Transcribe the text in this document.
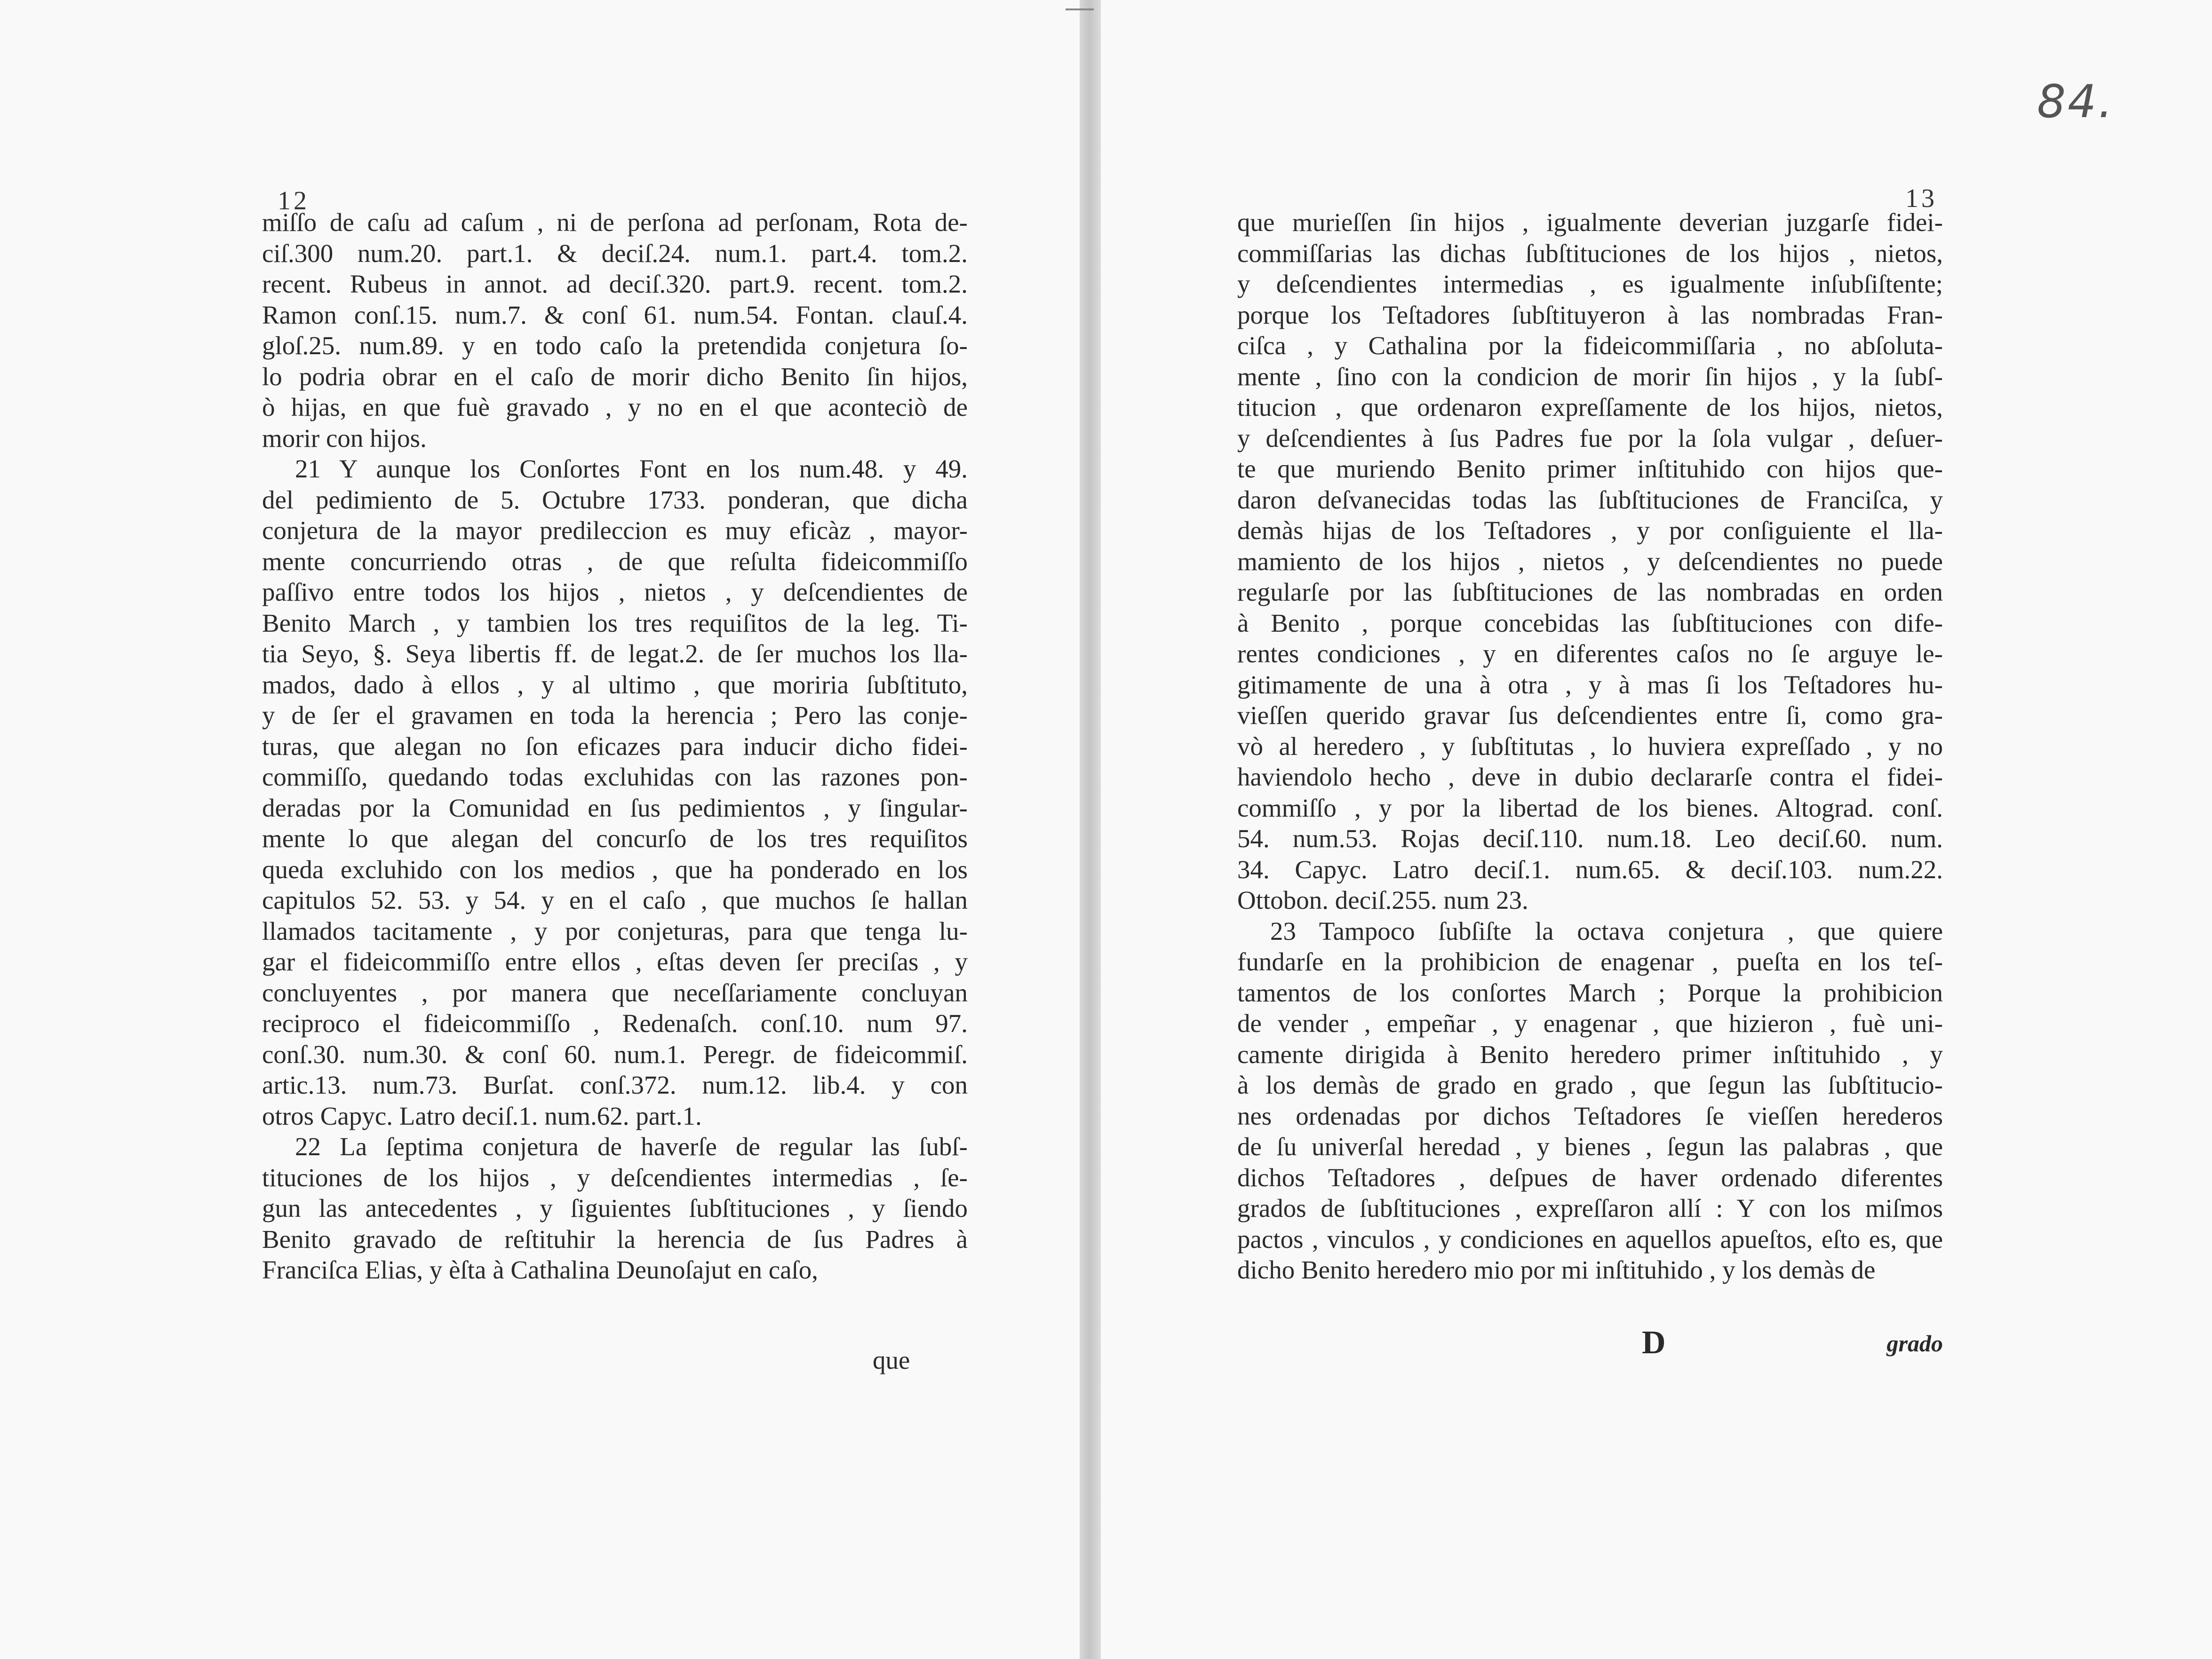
12
miſſo de caſu ad caſum , ni de perſona ad perſonam, Rota de-
ciſ.300 num.20. part.1. & deciſ.24. num.1. part.4. tom.2.
recent. Rubeus in annot. ad deciſ.320. part.9. recent. tom.2.
Ramon conſ.15. num.7. & conſ 61. num.54. Fontan. clauſ.4.
gloſ.25. num.89. y en todo caſo la pretendida conjetura ſo-
lo podria obrar en el caſo de morir dicho Benito ſin hijos,
ò hijas, en que fuè gravado , y no en el que aconteciò de
morir con hijos.
21 Y aunque los Conſortes Font en los num.48. y 49.
del pedimiento de 5. Octubre 1733. ponderan, que dicha
conjetura de la mayor predileccion es muy eficàz , mayor-
mente concurriendo otras , de que reſulta fideicommiſſo
paſſivo entre todos los hijos , nietos , y deſcendientes de
Benito March , y tambien los tres requiſitos de la leg. Ti-
tia Seyo, §. Seya libertis ff. de legat.2. de ſer muchos los lla-
mados, dado à ellos , y al ultimo , que moriria ſubſtituto,
y de ſer el gravamen en toda la herencia ; Pero las conje-
turas, que alegan no ſon eficazes para inducir dicho fidei-
commiſſo, quedando todas excluhidas con las razones pon-
deradas por la Comunidad en ſus pedimientos , y ſingular-
mente lo que alegan del concurſo de los tres requiſitos
queda excluhido con los medios , que ha ponderado en los
capitulos 52. 53. y 54. y en el caſo , que muchos ſe hallan
llamados tacitamente , y por conjeturas, para que tenga lu-
gar el fideicommiſſo entre ellos , eſtas deven ſer preciſas , y
concluyentes , por manera que neceſſariamente concluyan
reciproco el fideicommiſſo , Redenaſch. conſ.10. num 97.
conſ.30. num.30. & conſ 60. num.1. Peregr. de fideicommiſ.
artic.13. num.73. Burſat. conſ.372. num.12. lib.4. y con
otros Capyc. Latro deciſ.1. num.62. part.1.
22 La ſeptima conjetura de haverſe de regular las ſubſ-
tituciones de los hijos , y deſcendientes intermedias , ſe-
gun las antecedentes , y ſiguientes ſubſtituciones , y ſiendo
Benito gravado de reſtituhir la herencia de ſus Padres à
Franciſca Elias, y èſta à Cathalina Deunoſajut en caſo,
que
84.
13
que murieſſen ſin hijos , igualmente deverian juzgarſe fidei-
commiſſarias las dichas ſubſtituciones de los hijos , nietos,
y deſcendientes intermedias , es igualmente inſubſiſtente;
porque los Teſtadores ſubſtituyeron à las nombradas Fran-
ciſca , y Cathalina por la fideicommiſſaria , no abſoluta-
mente , ſino con la condicion de morir ſin hijos , y la ſubſ-
titucion , que ordenaron expreſſamente de los hijos, nietos,
y deſcendientes à ſus Padres fue por la ſola vulgar , deſuer-
te que muriendo Benito primer inſtituhido con hijos que-
daron deſvanecidas todas las ſubſtituciones de Franciſca, y
demàs hijas de los Teſtadores , y por conſiguiente el lla-
mamiento de los hijos , nietos , y deſcendientes no puede
regularſe por las ſubſtituciones de las nombradas en orden
à Benito , porque concebidas las ſubſtituciones con dife-
rentes condiciones , y en diferentes caſos no ſe arguye le-
gitimamente de una à otra , y à mas ſi los Teſtadores hu-
vieſſen querido gravar ſus deſcendientes entre ſi, como gra-
vò al heredero , y ſubſtitutas , lo huviera expreſſado , y no
haviendolo hecho , deve in dubio declararſe contra el fidei-
commiſſo , y por la libertad de los bienes. Altograd. conſ.
54. num.53. Rojas deciſ.110. num.18. Leo deciſ.60. num.
34. Capyc. Latro deciſ.1. num.65. & deciſ.103. num.22.
Ottobon. deciſ.255. num 23.
23 Tampoco ſubſiſte la octava conjetura , que quiere
fundarſe en la prohibicion de enagenar , pueſta en los teſ-
tamentos de los conſortes March ; Porque la prohibicion
de vender , empeñar , y enagenar , que hizieron , fuè uni-
camente dirigida à Benito heredero primer inſtituhido , y
à los demàs de grado en grado , que ſegun las ſubſtitucio-
nes ordenadas por dichos Teſtadores ſe vieſſen herederos
de ſu univerſal heredad , y bienes , ſegun las palabras , que
dichos Teſtadores , deſpues de haver ordenado diferentes
grados de ſubſtituciones , expreſſaron allí : Y con los miſmos
pactos , vinculos , y condiciones en aquellos apueſtos, eſto es, que
dicho Benito heredero mio por mi inſtituhido , y los demàs de
D	grado
